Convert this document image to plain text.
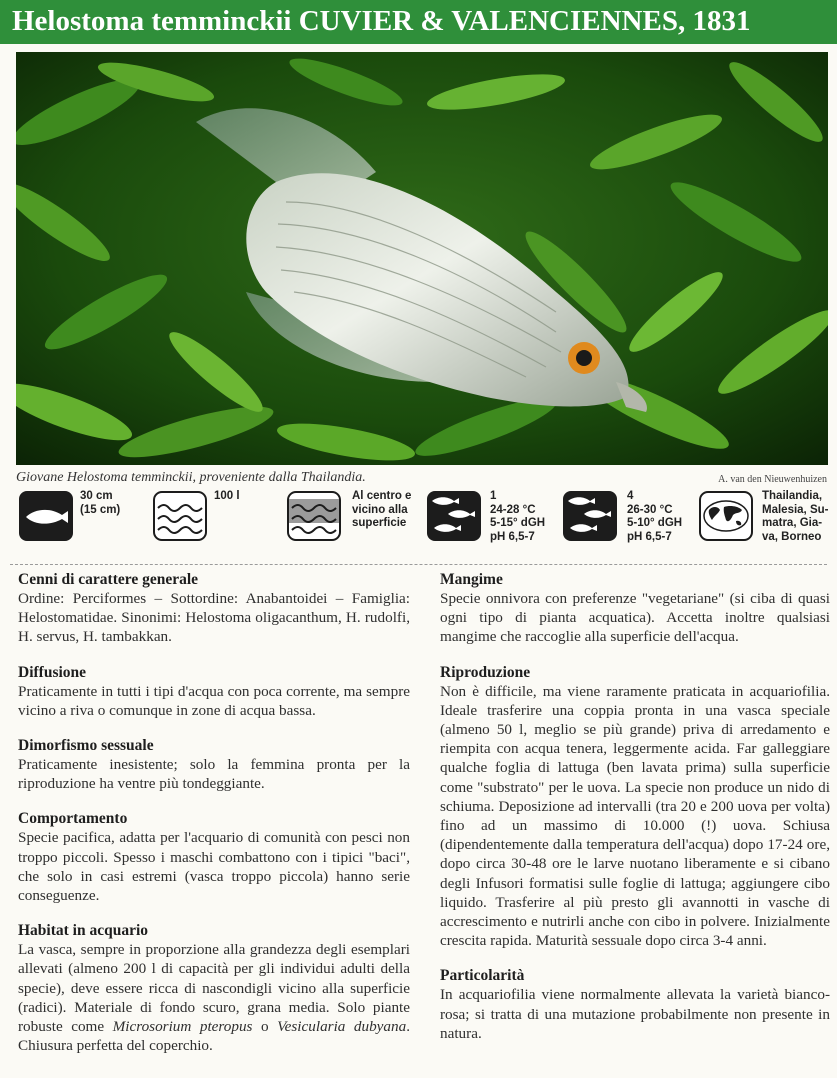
Helostoma temminckii CUVIER & VALENCIENNES, 1831
Giovane Helostoma temminckii, proveniente dalla Thailandia.	A. van den Nieuwenhuizen
30 cm
(15 cm)
100 l	Al centro e
vicino alla
superficie
1
24-28 °C
5-15° dGH
pH 6,5-7
4
26-30 °C
5-10° dGH
pH 6,5-7
Thailandia,
Malesia, Su-
matra, Gia-
va, Borneo
Cenni di carattere generale

Ordine: Perciformes – Sottordine: Anabantoidei – Famiglia: Helostomatidae. Sinonimi: Helostoma oligacanthum, H. rudolfi, H. servus, H. tambakkan.

Diffusione

Praticamente in tutti i tipi d'acqua con poca corrente, ma sempre vicino a riva o comunque in zone di acqua bassa.

Dimorfismo sessuale

Praticamente inesistente; solo la femmina pronta per la riproduzione ha ventre più tondeggiante.

Comportamento

Specie pacifica, adatta per l'acquario di comunità con pesci non troppo piccoli. Spesso i maschi combattono con i tipici "baci", che solo in casi estremi (vasca troppo piccola) hanno serie conseguenze.

Habitat in acquario

La vasca, sempre in proporzione alla grandezza degli esemplari allevati (almeno 200 l di capacità per gli individui adulti della specie), deve essere ricca di nascondigli vicino alla superficie (radici). Materiale di fondo scuro, grana media. Solo piante robuste come Microsorium pteropus o Vesicularia dubyana. Chiusura perfetta del coperchio.

Mangime

Specie onnivora con preferenze "vegetariane" (si ciba di quasi ogni tipo di pianta acquatica). Accetta inoltre qualsiasi mangime che raccoglie alla superficie dell'acqua.

Riproduzione

Non è difficile, ma viene raramente praticata in acquariofilia. Ideale trasferire una coppia pronta in una vasca speciale (almeno 50 l, meglio se più grande) priva di arredamento e riempita con acqua tenera, leggermente acida. Far galleggiare qualche foglia di lattuga (ben lavata prima) sulla superficie come "substrato" per le uova. La specie non produce un nido di schiuma. Deposizione ad intervalli (tra 20 e 200 uova per volta) fino ad un massimo di 10.000 (!) uova. Schiusa (dipendentemente dalla temperatura dell'acqua) dopo 17-24 ore, dopo circa 30-48 ore le larve nuotano liberamente e si cibano degli Infusori formatisi sulle foglie di lattuga; aggiungere cibo liquido. Trasferire al più presto gli avannotti in vasche di accrescimento e nutrirli anche con cibo in polvere. Inizialmente crescita rapida. Maturità sessuale dopo circa 3-4 anni.

Particolarità

In acquariofilia viene normalmente allevata la varietà bianco-rosa; si tratta di una mutazione probabilmente non presente in natura.
